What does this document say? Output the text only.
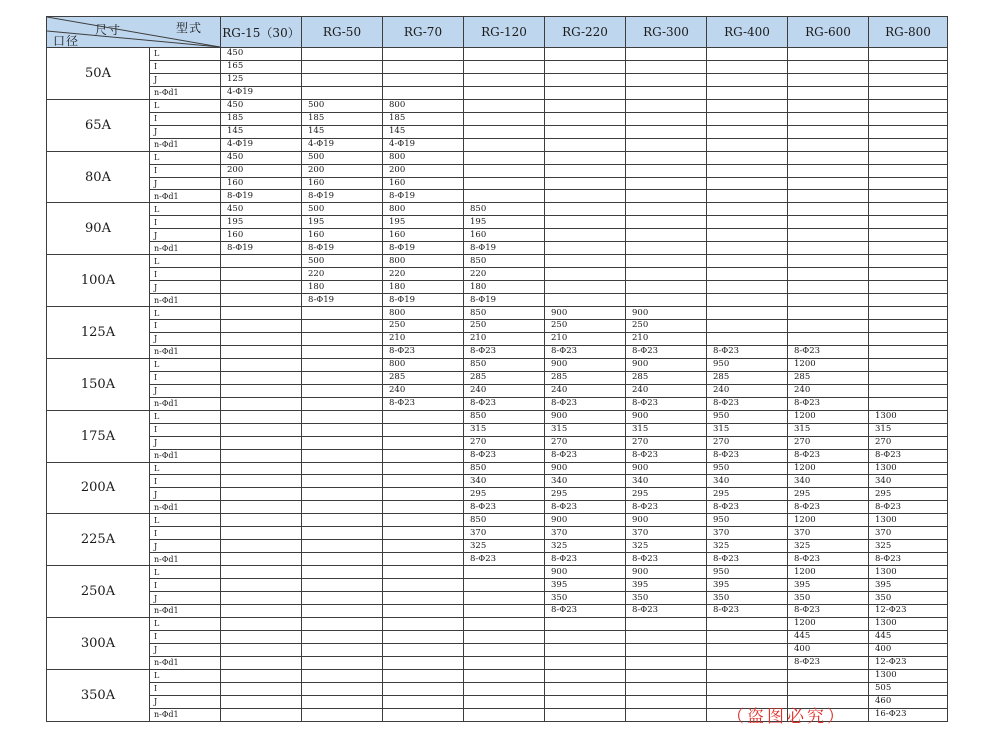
型式
尺寸
口径		RG-15（30）	RG-50	RG-70	RG-120	RG-220	RG-300	RG-400	RG-600	RG-800
50A	L	450								
	I	165								
	J	125								
	n-Φd1	4-Φ19								
65A	L	450	500	800						
	I	185	185	185						
	J	145	145	145						
	n-Φd1	4-Φ19	4-Φ19	4-Φ19						
80A	L	450	500	800						
	I	200	200	200						
	J	160	160	160						
	n-Φd1	8-Φ19	8-Φ19	8-Φ19						
90A	L	450	500	800	850					
	I	195	195	195	195					
	J	160	160	160	160					
	n-Φd1	8-Φ19	8-Φ19	8-Φ19	8-Φ19					
100A	L		500	800	850					
	I		220	220	220					
	J		180	180	180					
	n-Φd1		8-Φ19	8-Φ19	8-Φ19					
125A	L			800	850	900	900			
	I			250	250	250	250			
	J			210	210	210	210			
	n-Φd1			8-Φ23	8-Φ23	8-Φ23	8-Φ23	8-Φ23	8-Φ23	
150A	L			800	850	900	900	950	1200	
	I			285	285	285	285	285	285	
	J			240	240	240	240	240	240	
	n-Φd1			8-Φ23	8-Φ23	8-Φ23	8-Φ23	8-Φ23	8-Φ23	
175A	L				850	900	900	950	1200	1300
	I				315	315	315	315	315	315
	J				270	270	270	270	270	270
	n-Φd1				8-Φ23	8-Φ23	8-Φ23	8-Φ23	8-Φ23	8-Φ23
200A	L				850	900	900	950	1200	1300
	I				340	340	340	340	340	340
	J				295	295	295	295	295	295
	n-Φd1				8-Φ23	8-Φ23	8-Φ23	8-Φ23	8-Φ23	8-Φ23
225A	L				850	900	900	950	1200	1300
	I				370	370	370	370	370	370
	J				325	325	325	325	325	325
	n-Φd1				8-Φ23	8-Φ23	8-Φ23	8-Φ23	8-Φ23	8-Φ23
250A	L					900	900	950	1200	1300
	I					395	395	395	395	395
	J					350	350	350	350	350
	n-Φd1					8-Φ23	8-Φ23	8-Φ23	8-Φ23	12-Φ23
300A	L								1200	1300
	I								445	445
	J								400	400
	n-Φd1								8-Φ23	12-Φ23
350A	L									1300
	I									505
	J									460
	n-Φd1									16-Φ23
（盗图必究）
